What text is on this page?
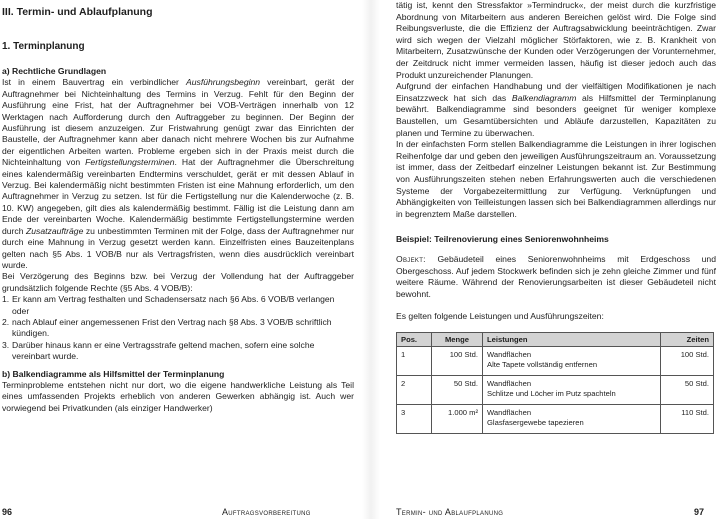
III. Termin- und Ablaufplanung

1. Terminplanung

a) Rechtliche Grundlagen

Ist in einem Bauvertrag ein verbindlicher Ausführungsbeginn vereinbart, gerät der Auftragnehmer bei Nichteinhaltung des Termins in Verzug. Fehlt für den Beginn der Ausführung eine Frist, hat der Auftragnehmer bei VOB-Verträgen innerhalb von 12 Werktagen nach Aufforderung durch den Auftraggeber zu beginnen. Der Beginn der Ausführung ist diesem anzuzeigen. Zur Fristwahrung genügt zwar das Einrichten der Baustelle, der Auftragnehmer kann aber danach nicht mehrere Wochen bis zur Aufnahme der eigentlichen Arbeiten warten. Probleme ergeben sich in der Praxis meist durch die Nichteinhaltung von Fertigstellungsterminen. Hat der Auftragnehmer die Überschreitung eines kalendermäßig vereinbarten Endtermins verschuldet, gerät er mit dessen Ablauf in Verzug. Bei kalendermäßig nicht bestimmten Fristen ist eine Mahnung erforderlich, um den Auftragnehmer in Verzug zu setzen. Ist für die Fertigstellung nur die Kalenderwoche (z. B. 10. KW) angegeben, gilt dies als kalendermäßig bestimmt. Fällig ist die Leistung dann am Ende der vereinbarten Woche. Kalendermäßig bestimmte Fertigstellungstermine werden durch Zusatzaufträge zu unbestimmten Terminen mit der Folge, dass der Auftragnehmer nur durch eine Mahnung in Verzug gesetzt werden kann. Einzelfristen eines Bauzeitenplans gelten nach §5 Abs. 1 VOB/B nur als Vertragsfristen, wenn dies ausdrücklich vereinbart wurde.

Bei Verzögerung des Beginns bzw. bei Verzug der Vollendung hat der Auftraggeber grundsätzlich folgende Rechte (§5 Abs. 4 VOB/B):

1. Er kann am Vertrag festhalten und Schadensersatz nach §6 Abs. 6 VOB/B verlangen oder
2. nach Ablauf einer angemessenen Frist den Vertrag nach §8 Abs. 3 VOB/B schriftlich kündigen.
3. Darüber hinaus kann er eine Vertragsstrafe geltend machen, sofern eine solche vereinbart wurde.

b) Balkendiagramme als Hilfsmittel der Terminplanung

Terminprobleme entstehen nicht nur dort, wo die eigene handwerkliche Leistung als Teil eines umfassenden Projekts erheblich von anderen Gewerken abhängig ist. Auch wer vorwiegend bei Privatkunden (als einziger Handwerker)

tätig ist, kennt den Stressfaktor »Termindruck«, der meist durch die kurzfristige Abordnung von Mitarbeitern aus anderen Bereichen gelöst wird. Die Folge sind Reibungsverluste, die die Effizienz der Auftragsabwicklung beeinträchtigen. Zwar wird sich wegen der Vielzahl möglicher Störfaktoren, wie z. B. Krankheit von Mitarbeitern, Zusatzwünsche der Kunden oder Verzögerungen der Vorunternehmer, der Zeitdruck nicht immer vermeiden lassen, häufig ist dieser jedoch auch das Produkt unzureichender Planungen.

Aufgrund der einfachen Handhabung und der vielfältigen Modifikationen je nach Einsatzzweck hat sich das Balkendiagramm als Hilfsmittel der Terminplanung bewährt. Balkendiagramme sind besonders geeignet für weniger komplexe Baustellen, um Gesamtübersichten und Abläufe darzustellen, Kapazitäten zu planen und Termine zu überwachen.

In der einfachsten Form stellen Balkendiagramme die Leistungen in ihrer logischen Reihenfolge dar und geben den jeweiligen Ausführungszeitraum an. Voraussetzung ist immer, dass der Zeitbedarf einzelner Leistungen bekannt ist. Zur Bestimmung von Ausführungszeiten stehen neben Erfahrungswerten auch die verschiedenen Systeme der Vorgabezeitermittlung zur Verfügung. Verknüpfungen und Abhängigkeiten von Teilleistungen lassen sich bei Balkendiagrammen allerdings nur in begrenztem Maße darstellen.

Beispiel: Teilrenovierung eines Seniorenwohnheims

Objekt: Gebäudeteil eines Seniorenwohnheims mit Erdgeschoss und Obergeschoss. Auf jedem Stockwerk befinden sich je zehn gleiche Zimmer und fünf weitere Räume. Während der Renovierungsarbeiten ist dieser Gebäudeteil nicht bewohnt.

Es gelten folgende Leistungen und Ausführungszeiten:

Pos.	Menge	Leistungen	Zeiten
1	100 Std.	Wandflächen
Alte Tapete vollständig entfernen	100 Std.
2	50 Std.	Wandflächen
Schlitze und Löcher im Putz spachteln	50 Std.
3	1.000 m²	Wandflächen
Glasfasergewebe tapezieren	110 Std.
96	Auftragsvorbereitung	Termin- und Ablaufplanung	97
